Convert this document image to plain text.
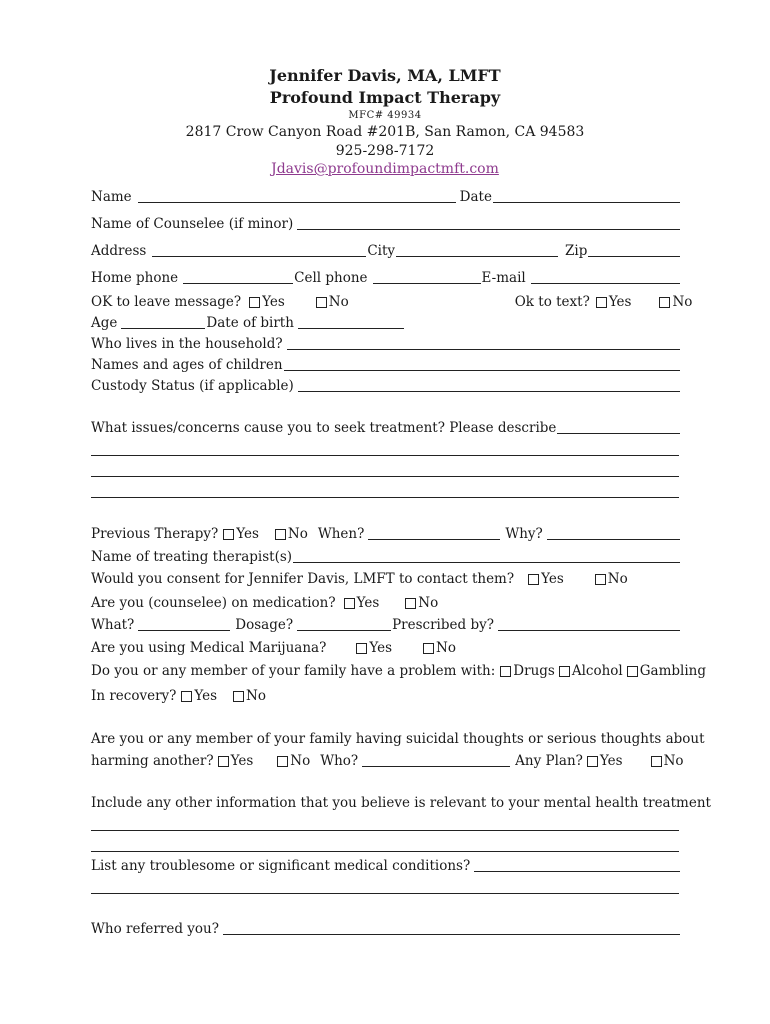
Jennifer Davis, MA, LMFT
Profound Impact Therapy
MFC# 49934
2817 Crow Canyon Road #201B, San Ramon, CA 94583
925-298-7172
Jdavis@profoundimpactmft.com
Name	Date
Name of Counselee (if minor)
Address	City	Zip
Home phone	Cell phone	E-mail
OK to leave message? Yes	No	Ok to text? Yes	No
Age	Date of birth
Who lives in the household?
Names and ages of children
Custody Status (if applicable)
What issues/concerns cause you to seek treatment? Please describe
Previous Therapy? Yes No When?	Why?
Name of treating therapist(s)
Would you consent for Jennifer Davis, LMFT to contact them? Yes	No
Are you (counselee) on medication? Yes	No
What?	Dosage?	Prescribed by?
Are you using Medical Marijuana?	Yes	No
Do you or any member of your family have a problem with: Drugs Alcohol Gambling
In recovery? Yes No
Are you or any member of your family having suicidal thoughts or serious thoughts about
harming another? Yes	No Who?	Any Plan? Yes	No
Include any other information that you believe is relevant to your mental health treatment
List any troublesome or significant medical conditions?
Who referred you?
